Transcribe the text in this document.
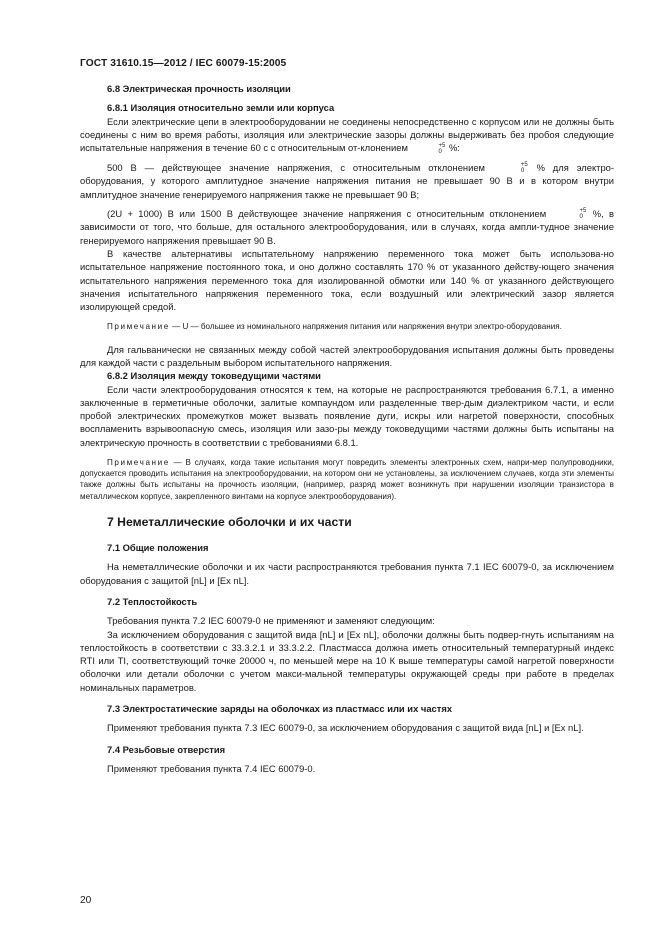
ГОСТ 31610.15—2012 / IEC 60079-15:2005

6.8 Электрическая прочность изоляции

6.8.1 Изоляция относительно земли или корпуса

Если электрические цепи в электрооборудовании не соединены непосредственно с корпусом или не должны быть соединены с ним во время работы, изоляция или электрические зазоры должны выдерживать без пробоя следующие испытательные напряжения в течение 60 с с относительным от-клонением	+5
0 %:

500 В — действующее значение напряжения, с относительным отклонением	+5
0	% для электро-оборудования, у которого амплитудное значение напряжения питания не превышает 90 В и в котором внутри амплитудное значение генерируемого напряжения также не превышает 90 В;

(2U + 1000) В или 1500 В действующее значение напряжения с относительным отклонением	+5
0	%, в зависимости от того, что больше, для остального электрооборудования, или в случаях, когда ампли-тудное значение генерируемого напряжения превышает 90 В.

В качестве альтернативы испытательному напряжению переменного тока может быть использова-но испытательное напряжение постоянного тока, и оно должно составлять 170 % от указанного действу-ющего значения испытательного напряжения переменного тока для изолированной обмотки или 140 % от указанного действующего значения испытательного напряжения переменного тока, если воздушный или электрический зазор является изолирующей средой.

Примечание — U — большее из номинального напряжения питания или напряжения внутри электро-оборудования.

Для гальванически не связанных между собой частей электрооборудования испытания должны быть проведены для каждой части с раздельным выбором испытательного напряжения.

6.8.2 Изоляция между токоведущими частями

Если части электрооборудования относятся к тем, на которые не распространяются требования 6.7.1, а именно заключенные в герметичные оболочки, залитые компаундом или разделенные твер-дым диэлектриком части, и если пробой электрических промежутков может вызвать появление дуги, искры или нагретой поверхности, способных воспламенить взрывоопасную смесь, изоляция или зазо-ры между токоведущими частями должны быть испытаны на электрическую прочность в соответствии с требованиями 6.8.1.

Примечание — В случаях, когда такие испытания могут повредить элементы электронных схем, напри-мер полупроводники, допускается проводить испытания на электрооборудовании, на котором они не установлены, за исключением случаев, когда эти элементы также должны быть испытаны на прочность изоляции, (например, разряд может возникнуть при нарушении изоляции транзистора в металлическом корпусе, закрепленного винтами на корпусе электрооборудования).

7 Неметаллические оболочки и их части

7.1 Общие положения

На неметаллические оболочки и их части распространяются требования пункта 7.1 IEC 60079-0, за исключением оборудования с защитой [nL] и [Ex nL].

7.2 Теплостойкость

Требования пункта 7.2 IEC 60079-0 не применяют и заменяют следующим:

За исключением оборудования с защитой вида [nL] и [Ex nL], оболочки должны быть подвер-гнуть испытаниям на теплостойкость в соответствии с 33.3.2.1 и 33.3.2.2. Пластмасса должна иметь относительный температурный индекс RTI или TI, соответствующий точке 20000 ч, по меньшей мере на 10 К выше температуры самой нагретой поверхности оболочки или детали оболочки с учетом макси-мальной температуры окружающей среды при работе в пределах номинальных параметров.

7.3 Электростатические заряды на оболочках из пластмасс или их частях

Применяют требования пункта 7.3 IEC 60079-0, за исключением оборудования с защитой вида [nL] и [Ex nL].

7.4 Резьбовые отверстия

Применяют требования пункта 7.4 IEC 60079-0.

20
